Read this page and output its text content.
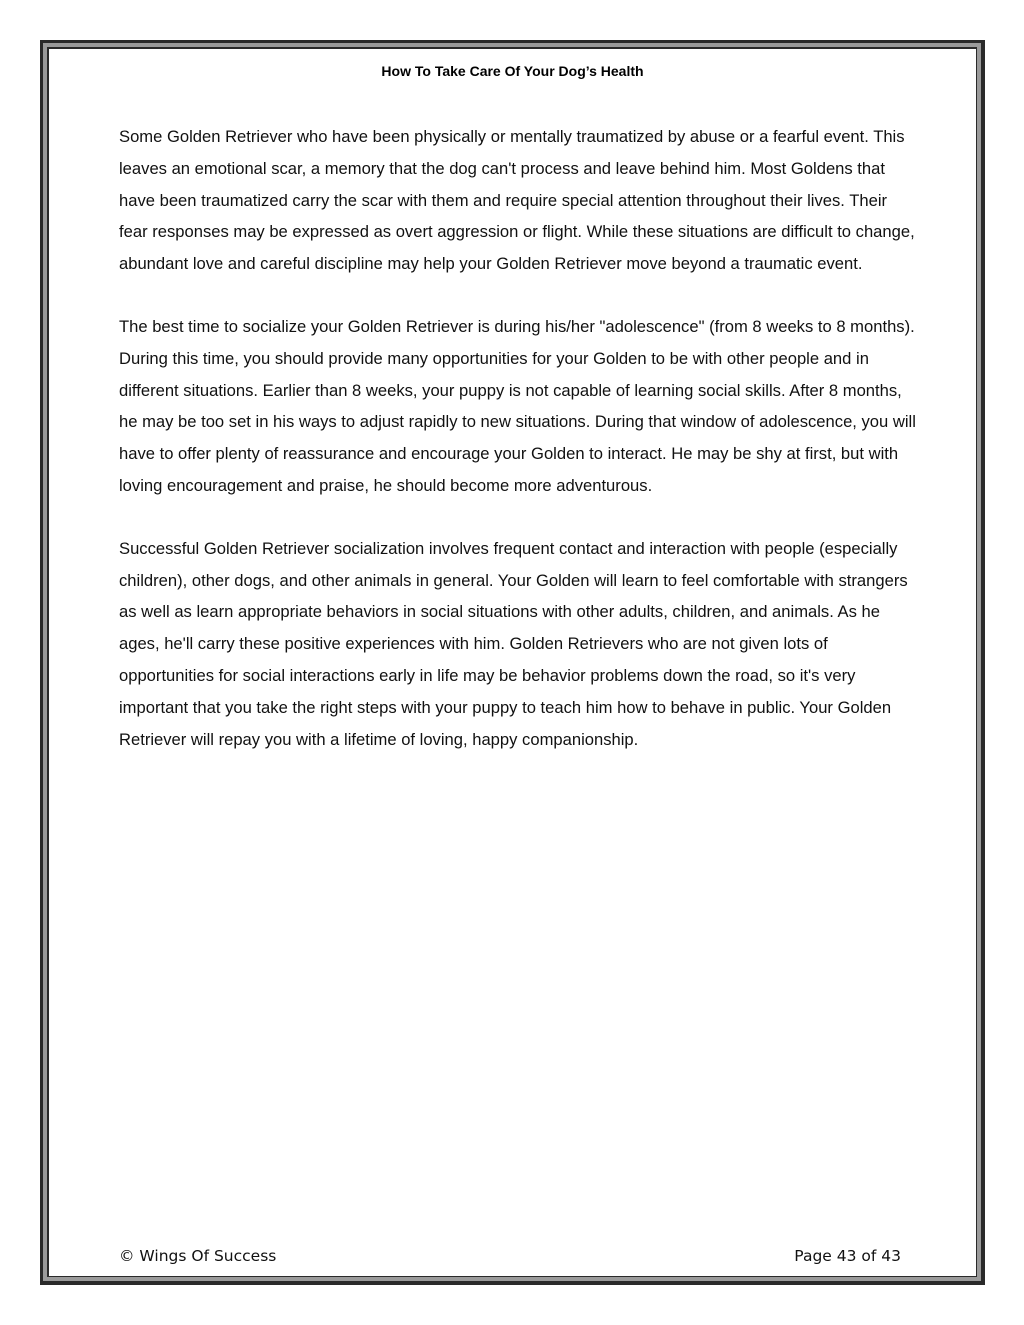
How To Take Care Of Your Dog’s Health

Some Golden Retriever who have been physically or mentally traumatized by abuse or a fearful event. This leaves an emotional scar, a memory that the dog can't process and leave behind him. Most Goldens that have been traumatized carry the scar with them and require special attention throughout their lives. Their fear responses may be expressed as overt aggression or flight. While these situations are difficult to change, abundant love and careful discipline may help your Golden Retriever move beyond a traumatic event.

The best time to socialize your Golden Retriever is during his/her "adolescence" (from 8 weeks to 8 months). During this time, you should provide many opportunities for your Golden to be with other people and in different situations. Earlier than 8 weeks, your puppy is not capable of learning social skills. After 8 months, he may be too set in his ways to adjust rapidly to new situations. During that window of adolescence, you will have to offer plenty of reassurance and encourage your Golden to interact. He may be shy at first, but with loving encouragement and praise, he should become more adventurous.

Successful Golden Retriever socialization involves frequent contact and interaction with people (especially children), other dogs, and other animals in general. Your Golden will learn to feel comfortable with strangers as well as learn appropriate behaviors in social situations with other adults, children, and animals. As he ages, he'll carry these positive experiences with him. Golden Retrievers who are not given lots of opportunities for social interactions early in life may be behavior problems down the road, so it's very important that you take the right steps with your puppy to teach him how to behave in public. Your Golden Retriever will repay you with a lifetime of loving, happy companionship.

© Wings Of Success	Page 43 of 43
